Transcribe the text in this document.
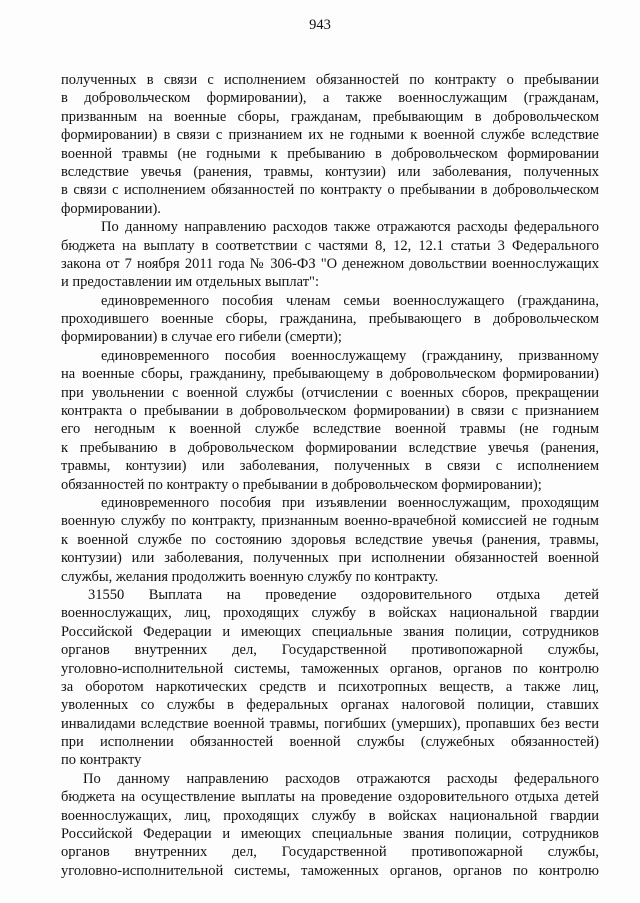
943
полученных в связи с исполнением обязанностей по контракту о пребывании
в добровольческом формировании), а также военнослужащим (гражданам,
призванным на военные сборы, гражданам, пребывающим в добровольческом
формировании) в связи с признанием их не годными к военной службе вследствие
военной травмы (не годными к пребыванию в добровольческом формировании
вследствие увечья (ранения, травмы, контузии) или заболевания, полученных
в связи с исполнением обязанностей по контракту о пребывании в добровольческом
формировании).
По данному направлению расходов также отражаются расходы федерального
бюджета на выплату в соответствии с частями 8, 12, 12.1 статьи 3 Федерального
закона от 7 ноября 2011 года № 306-ФЗ "О денежном довольствии военнослужащих
и предоставлении им отдельных выплат":
единовременного пособия членам семьи военнослужащего (гражданина,
проходившего военные сборы, гражданина, пребывающего в добровольческом
формировании) в случае его гибели (смерти);
единовременного пособия военнослужащему (гражданину, призванному
на военные сборы, гражданину, пребывающему в добровольческом формировании)
при увольнении с военной службы (отчислении с военных сборов, прекращении
контракта о пребывании в добровольческом формировании) в связи с признанием
его негодным к военной службе вследствие военной травмы (не годным
к пребыванию в добровольческом формировании вследствие увечья (ранения,
травмы, контузии) или заболевания, полученных в связи с исполнением
обязанностей по контракту о пребывании в добровольческом формировании);
единовременного пособия при изъявлении военнослужащим, проходящим
военную службу по контракту, признанным военно-врачебной комиссией не годным
к военной службе по состоянию здоровья вследствие увечья (ранения, травмы,
контузии) или заболевания, полученных при исполнении обязанностей военной
службы, желания продолжить военную службу по контракту.
31550 Выплата на проведение оздоровительного отдыха детей
военнослужащих, лиц, проходящих службу в войсках национальной гвардии
Российской Федерации и имеющих специальные звания полиции, сотрудников
органов внутренних дел, Государственной противопожарной службы,
уголовно-исполнительной системы, таможенных органов, органов по контролю
за оборотом наркотических средств и психотропных веществ, а также лиц,
уволенных со службы в федеральных органах налоговой полиции, ставших
инвалидами вследствие военной травмы, погибших (умерших), пропавших без вести
при исполнении обязанностей военной службы (служебных обязанностей)
по контракту
По данному направлению расходов отражаются расходы федерального
бюджета на осуществление выплаты на проведение оздоровительного отдыха детей
военнослужащих, лиц, проходящих службу в войсках национальной гвардии
Российской Федерации и имеющих специальные звания полиции, сотрудников
органов внутренних дел, Государственной противопожарной службы,
уголовно-исполнительной системы, таможенных органов, органов по контролю
